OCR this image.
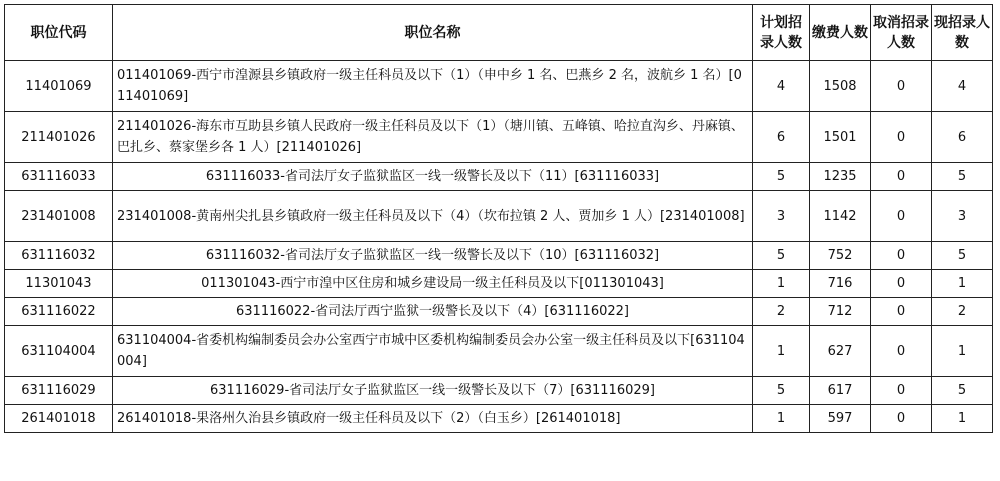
职位代码	职位名称	计划招录人数	缴费人数	取消招录人数	现招录人数
11401069	011401069-西宁市湟源县乡镇政府一级主任科员及以下（1）（申中乡 1 名、巴燕乡 2 名，波航乡 1 名）[011401069]	4	1508	0	4
211401026	211401026-海东市互助县乡镇人民政府一级主任科员及以下（1）（塘川镇、五峰镇、哈拉直沟乡、丹麻镇、巴扎乡、蔡家堡乡各 1 人）[211401026]	6	1501	0	6
631116033	631116033-省司法厅女子监狱监区一线一级警长及以下（11）[631116033]	5	1235	0	5
231401008	231401008-黄南州尖扎县乡镇政府一级主任科员及以下（4）（坎布拉镇 2 人、贾加乡 1 人）[231401008]	3	1142	0	3
631116032	631116032-省司法厅女子监狱监区一线一级警长及以下（10）[631116032]	5	752	0	5
11301043	011301043-西宁市湟中区住房和城乡建设局一级主任科员及以下[011301043]	1	716	0	1
631116022	631116022-省司法厅西宁监狱一级警长及以下（4）[631116022]	2	712	0	2
631104004	631104004-省委机构编制委员会办公室西宁市城中区委机构编制委员会办公室一级主任科员及以下[631104004]	1	627	0	1
631116029	631116029-省司法厅女子监狱监区一线一级警长及以下（7）[631116029]	5	617	0	5
261401018	261401018-果洛州久治县乡镇政府一级主任科员及以下（2）（白玉乡）[261401018]	1	597	0	1
